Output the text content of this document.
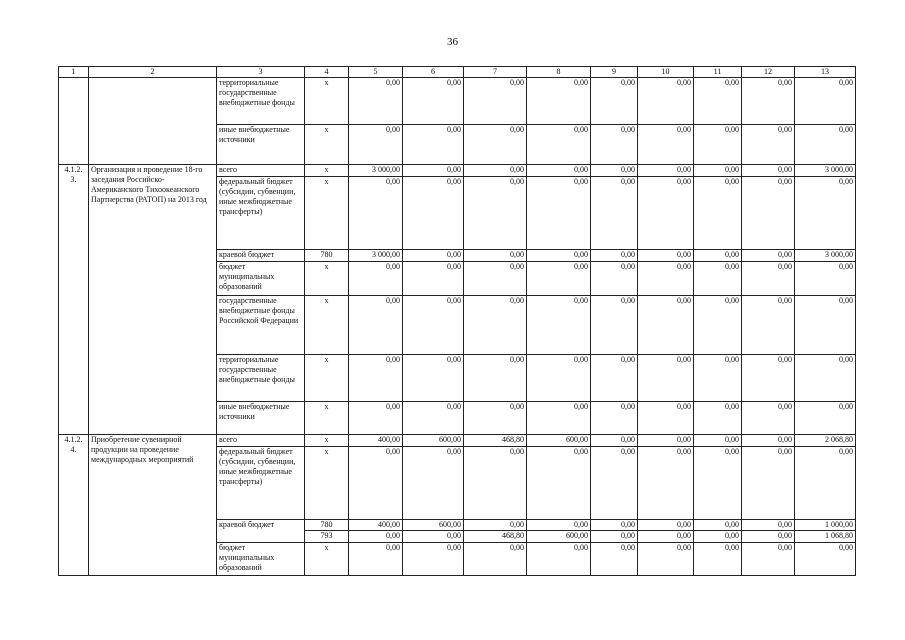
36
1	2	3	4	5	6	7	8	9	10	11	12	13
		территориальные государственные внебюджетные фонды	x	0,00	0,00	0,00	0,00	0,00	0,00	0,00	0,00	0,00
		иные внебюджетные источники	x	0,00	0,00	0,00	0,00	0,00	0,00	0,00	0,00	0,00
4.1.2. 3.	Организация и проведение 18-го заседания Российско-Американского Тихоокеанского Партнерства (РАТОП) на 2013 год	всего	x	3 000,00	0,00	0,00	0,00	0,00	0,00	0,00	0,00	3 000,00
		федеральный бюджет (субсидии, субвенции, иные межбюджетные трансферты)	x	0,00	0,00	0,00	0,00	0,00	0,00	0,00	0,00	0,00
		краевой бюджет	780	3 000,00	0,00	0,00	0,00	0,00	0,00	0,00	0,00	3 000,00
		бюджет муниципальных образований	x	0,00	0,00	0,00	0,00	0,00	0,00	0,00	0,00	0,00
		государственные внебюджетные фонды Российской Федерации	x	0,00	0,00	0,00	0,00	0,00	0,00	0,00	0,00	0,00
		территориальные государственные внебюджетные фонды	x	0,00	0,00	0,00	0,00	0,00	0,00	0,00	0,00	0,00
		иные внебюджетные источники	x	0,00	0,00	0,00	0,00	0,00	0,00	0,00	0,00	0,00
4.1.2. 4.	Приобретение сувенирной продукции на проведение международных мероприятий	всего	x	400,00	600,00	468,80	600,00	0,00	0,00	0,00	0,00	2 068,80
		федеральный бюджет (субсидии, субвенции, иные межбюджетные трансферты)	x	0,00	0,00	0,00	0,00	0,00	0,00	0,00	0,00	0,00
		краевой бюджет	780	400,00	600,00	0,00	0,00	0,00	0,00	0,00	0,00	1 000,00
			793	0,00	0,00	468,80	600,00	0,00	0,00	0,00	0,00	1 068,80
		бюджет муниципальных образований	x	0,00	0,00	0,00	0,00	0,00	0,00	0,00	0,00	0,00
